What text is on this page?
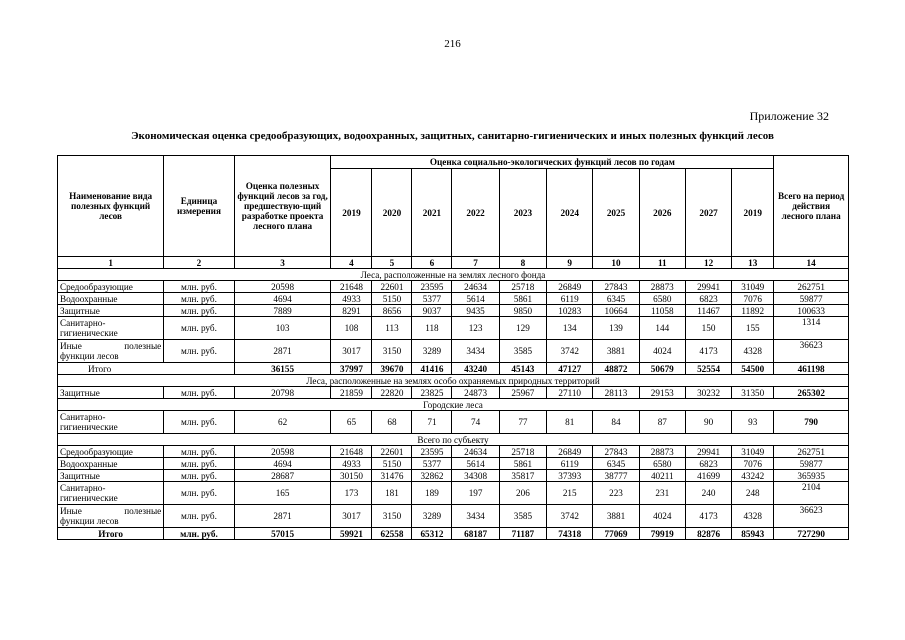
216
Приложение 32
Экономическая оценка средообразующих, водоохранных, защитных, санитарно-гигиенических и иных полезных функций лесов
Наименование вида полезных функций лесов	Единица измерения	Оценка полезных функций лесов за год, предшествую-щий разработке проекта лесного плана	Оценка социально-экологических функций лесов по годам										Всего на период действия лесного плана
			2019	2020	2021	2022	2023	2024	2025	2026	2027	2019	
1	2	3	4	5	6	7	8	9	10	11	12	13	14
Леса, расположенные на землях лесного фонда													
Средообразующие	млн. руб.	20598	21648	22601	23595	24634	25718	26849	27843	28873	29941	31049	262751
Водоохранные	млн. руб.	4694	4933	5150	5377	5614	5861	6119	6345	6580	6823	7076	59877
Защитные	млн. руб.	7889	8291	8656	9037	9435	9850	10283	10664	11058	11467	11892	100633

Санитарно-
гигиенические	млн. руб.	103	108	113	118	123	129	134	139	144	150	155	1314

Иные полезные
функции лесов	млн. руб.	2871	3017	3150	3289	3434	3585	3742	3881	4024	4173	4328	36623
Итого		36155	37997	39670	41416	43240	45143	47127	48872	50679	52554	54500	461198
Леса, расположенные на землях особо охраняемых природных территорий													
Защитные	млн. руб.	20798	21859	22820	23825	24873	25967	27110	28113	29153	30232	31350	265302
Городские леса													

Санитарно-
гигиенические	млн. руб.	62	65	68	71	74	77	81	84	87	90	93	790
Всего по субъекту													
Средообразующие	млн. руб.	20598	21648	22601	23595	24634	25718	26849	27843	28873	29941	31049	262751
Водоохранные	млн. руб.	4694	4933	5150	5377	5614	5861	6119	6345	6580	6823	7076	59877
Защитные	млн. руб.	28687	30150	31476	32862	34308	35817	37393	38777	40211	41699	43242	365935

Санитарно-
гигиенические	млн. руб.	165	173	181	189	197	206	215	223	231	240	248	2104

Иные полезные
функции лесов	млн. руб.	2871	3017	3150	3289	3434	3585	3742	3881	4024	4173	4328	36623
Итого	млн. руб.	57015	59921	62558	65312	68187	71187	74318	77069	79919	82876	85943	727290
